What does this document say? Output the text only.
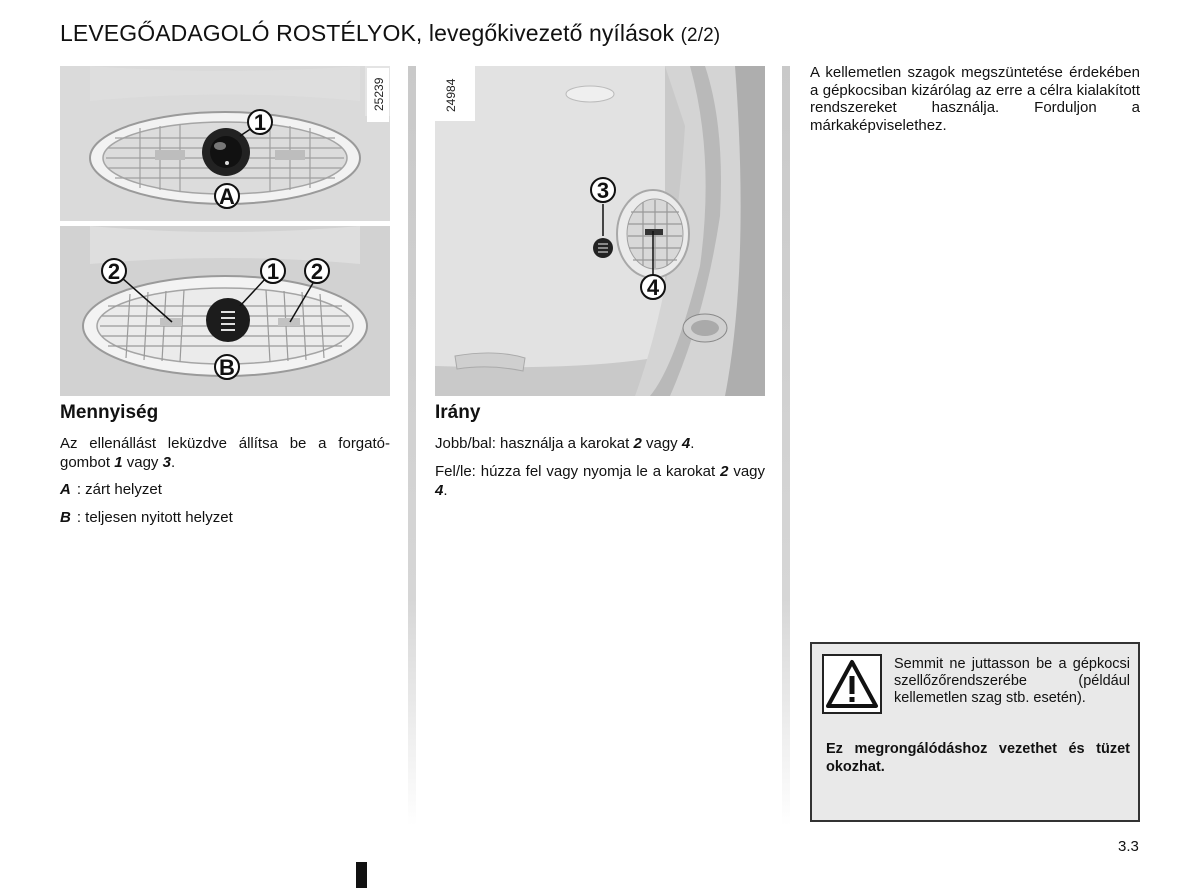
LEVEGŐADAGOLÓ ROSTÉLYOK, levegőkivezető nyílások (2/2)
25239
1
A
2	1 2
B
24984
3
4
Mennyiség

Az ellenállást leküzdve állítsa be a forgató-gombot 1 vagy 3.

A : zárt helyzet

B : teljesen nyitott helyzet

Irány

Jobb/bal: használja a karokat 2 vagy 4.

Fel/le: húzza fel vagy nyomja le a karokat 2 vagy 4.

A kellemetlen szagok megszüntetése érdekében a gépkocsiban kizárólag az erre a célra kialakított rendszereket használja. Forduljon a márkaképviselethez.

Semmit ne juttasson be a gépkocsi szellőzőrendszerébe (például kellemetlen szag stb. esetén).

Ez megrongálódáshoz vezethet és tüzet okozhat.

3.3
